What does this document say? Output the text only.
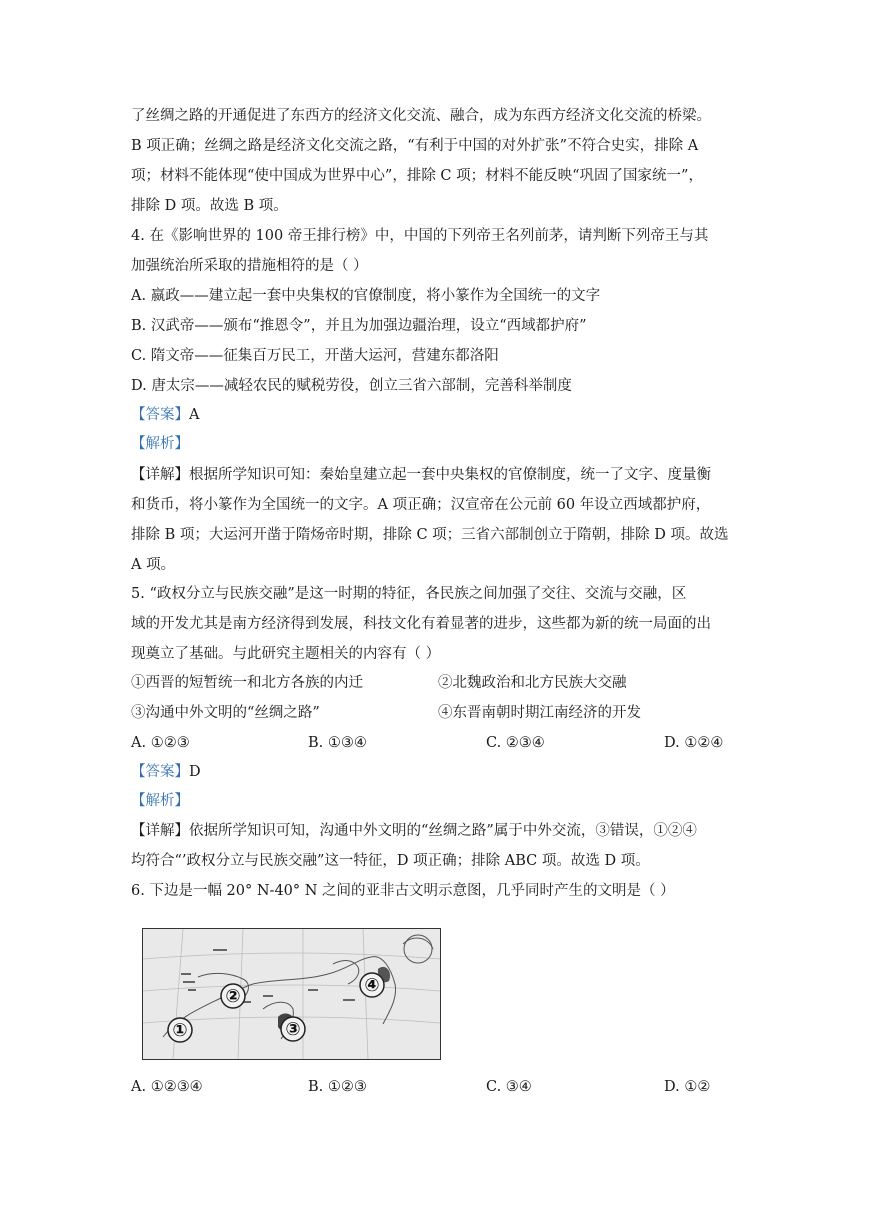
了丝绸之路的开通促进了东西方的经济文化交流、融合，成为东西方经济文化交流的桥梁。
B 项正确；丝绸之路是经济文化交流之路，“有利于中国的对外扩张”不符合史实，排除 A
项；材料不能体现“使中国成为世界中心”，排除 C 项；材料不能反映“巩固了国家统一”，
排除 D 项。故选 B 项。
4. 在《影响世界的 100 帝王排行榜》中，中国的下列帝王名列前茅，请判断下列帝王与其
加强统治所采取的措施相符的是（ ）
A. 嬴政——建立起一套中央集权的官僚制度，将小篆作为全国统一的文字
B. 汉武帝——颁布“推恩令”，并且为加强边疆治理，设立“西域都护府”
C. 隋文帝——征集百万民工，开凿大运河，营建东都洛阳
D. 唐太宗——减轻农民的赋税劳役，创立三省六部制，完善科举制度
【答案】A
【解析】
【详解】根据所学知识可知：秦始皇建立起一套中央集权的官僚制度，统一了文字、度量衡
和货币，将小篆作为全国统一的文字。A 项正确；汉宣帝在公元前 60 年设立西域都护府，
排除 B 项；大运河开凿于隋炀帝时期，排除 C 项；三省六部制创立于隋朝，排除 D 项。故选
A 项。
5. “政权分立与民族交融”是这一时期的特征，各民族之间加强了交往、交流与交融，区
域的开发尤其是南方经济得到发展，科技文化有着显著的进步，这些都为新的统一局面的出
现奠立了基础。与此研究主题相关的内容有（ ）
①西晋的短暂统一和北方各族的内迁	②北魏政治和北方民族大交融
③沟通中外文明的“丝绸之路”	④东晋南朝时期江南经济的开发
A. ①②③	B. ①③④	C. ②③④	D. ①②④
【答案】D
【解析】
【详解】依据所学知识可知，沟通中外文明的“丝绸之路”属于中外交流，③错误，①②④
均符合“’政权分立与民族交融”这一特征，D 项正确；排除 ABC 项。故选 D 项。
6. 下边是一幅 20° N-40° N 之间的亚非古文明示意图，几乎同时产生的文明是（ ）
①
②
③
④
A. ①②③④	B. ①②③	C. ③④	D. ①②
